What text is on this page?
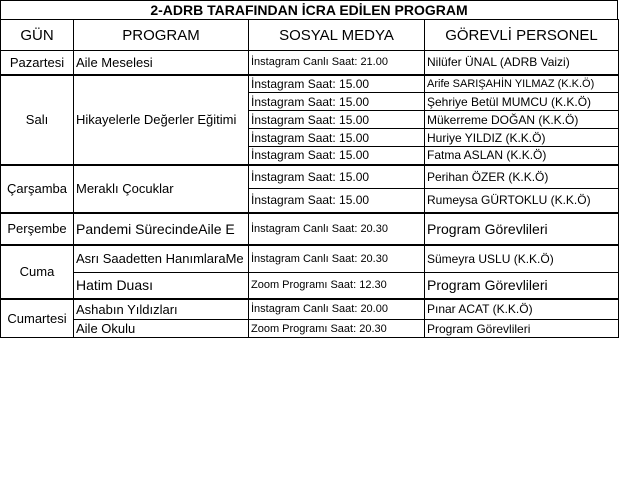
2-ADRB TARAFINDAN İCRA EDİLEN PROGRAM
GÜN	PROGRAM	SOSYAL MEDYA	GÖREVLİ PERSONEL
Pazartesi	Aile Meselesi	İnstagram Canlı Saat: 21.00	Nilüfer ÜNAL (ADRB Vaizi)
Salı	Hikayelerle Değerler Eğitimi	İnstagram Saat: 15.00	Arife SARIŞAHİN YILMAZ (K.K.Ö)
		İnstagram Saat: 15.00	Şehriye Betül MUMCU (K.K.Ö)
		İnstagram Saat: 15.00	Mükerreme DOĞAN (K.K.Ö)
		İnstagram Saat: 15.00	Huriye YILDIZ (K.K.Ö)
		İnstagram Saat: 15.00	Fatma ASLAN (K.K.Ö)
Çarşamba	Meraklı Çocuklar	İnstagram Saat: 15.00	Perihan ÖZER (K.K.Ö)
		İnstagram Saat: 15.00	Rumeysa GÜRTOKLU (K.K.Ö)
Perşembe	Pandemi SürecindeAile E	İnstagram Canlı Saat: 20.30	Program Görevlileri
Cuma	Asrı Saadetten HanımlaraMe	İnstagram Canlı Saat: 20.30	Sümeyra USLU (K.K.Ö)
	Hatim Duası	Zoom Programı Saat: 12.30	Program Görevlileri
Cumartesi	Ashabın Yıldızları	İnstagram Canlı Saat: 20.00	Pınar ACAT (K.K.Ö)
	Aile Okulu	Zoom Programı Saat: 20.30	Program Görevlileri
